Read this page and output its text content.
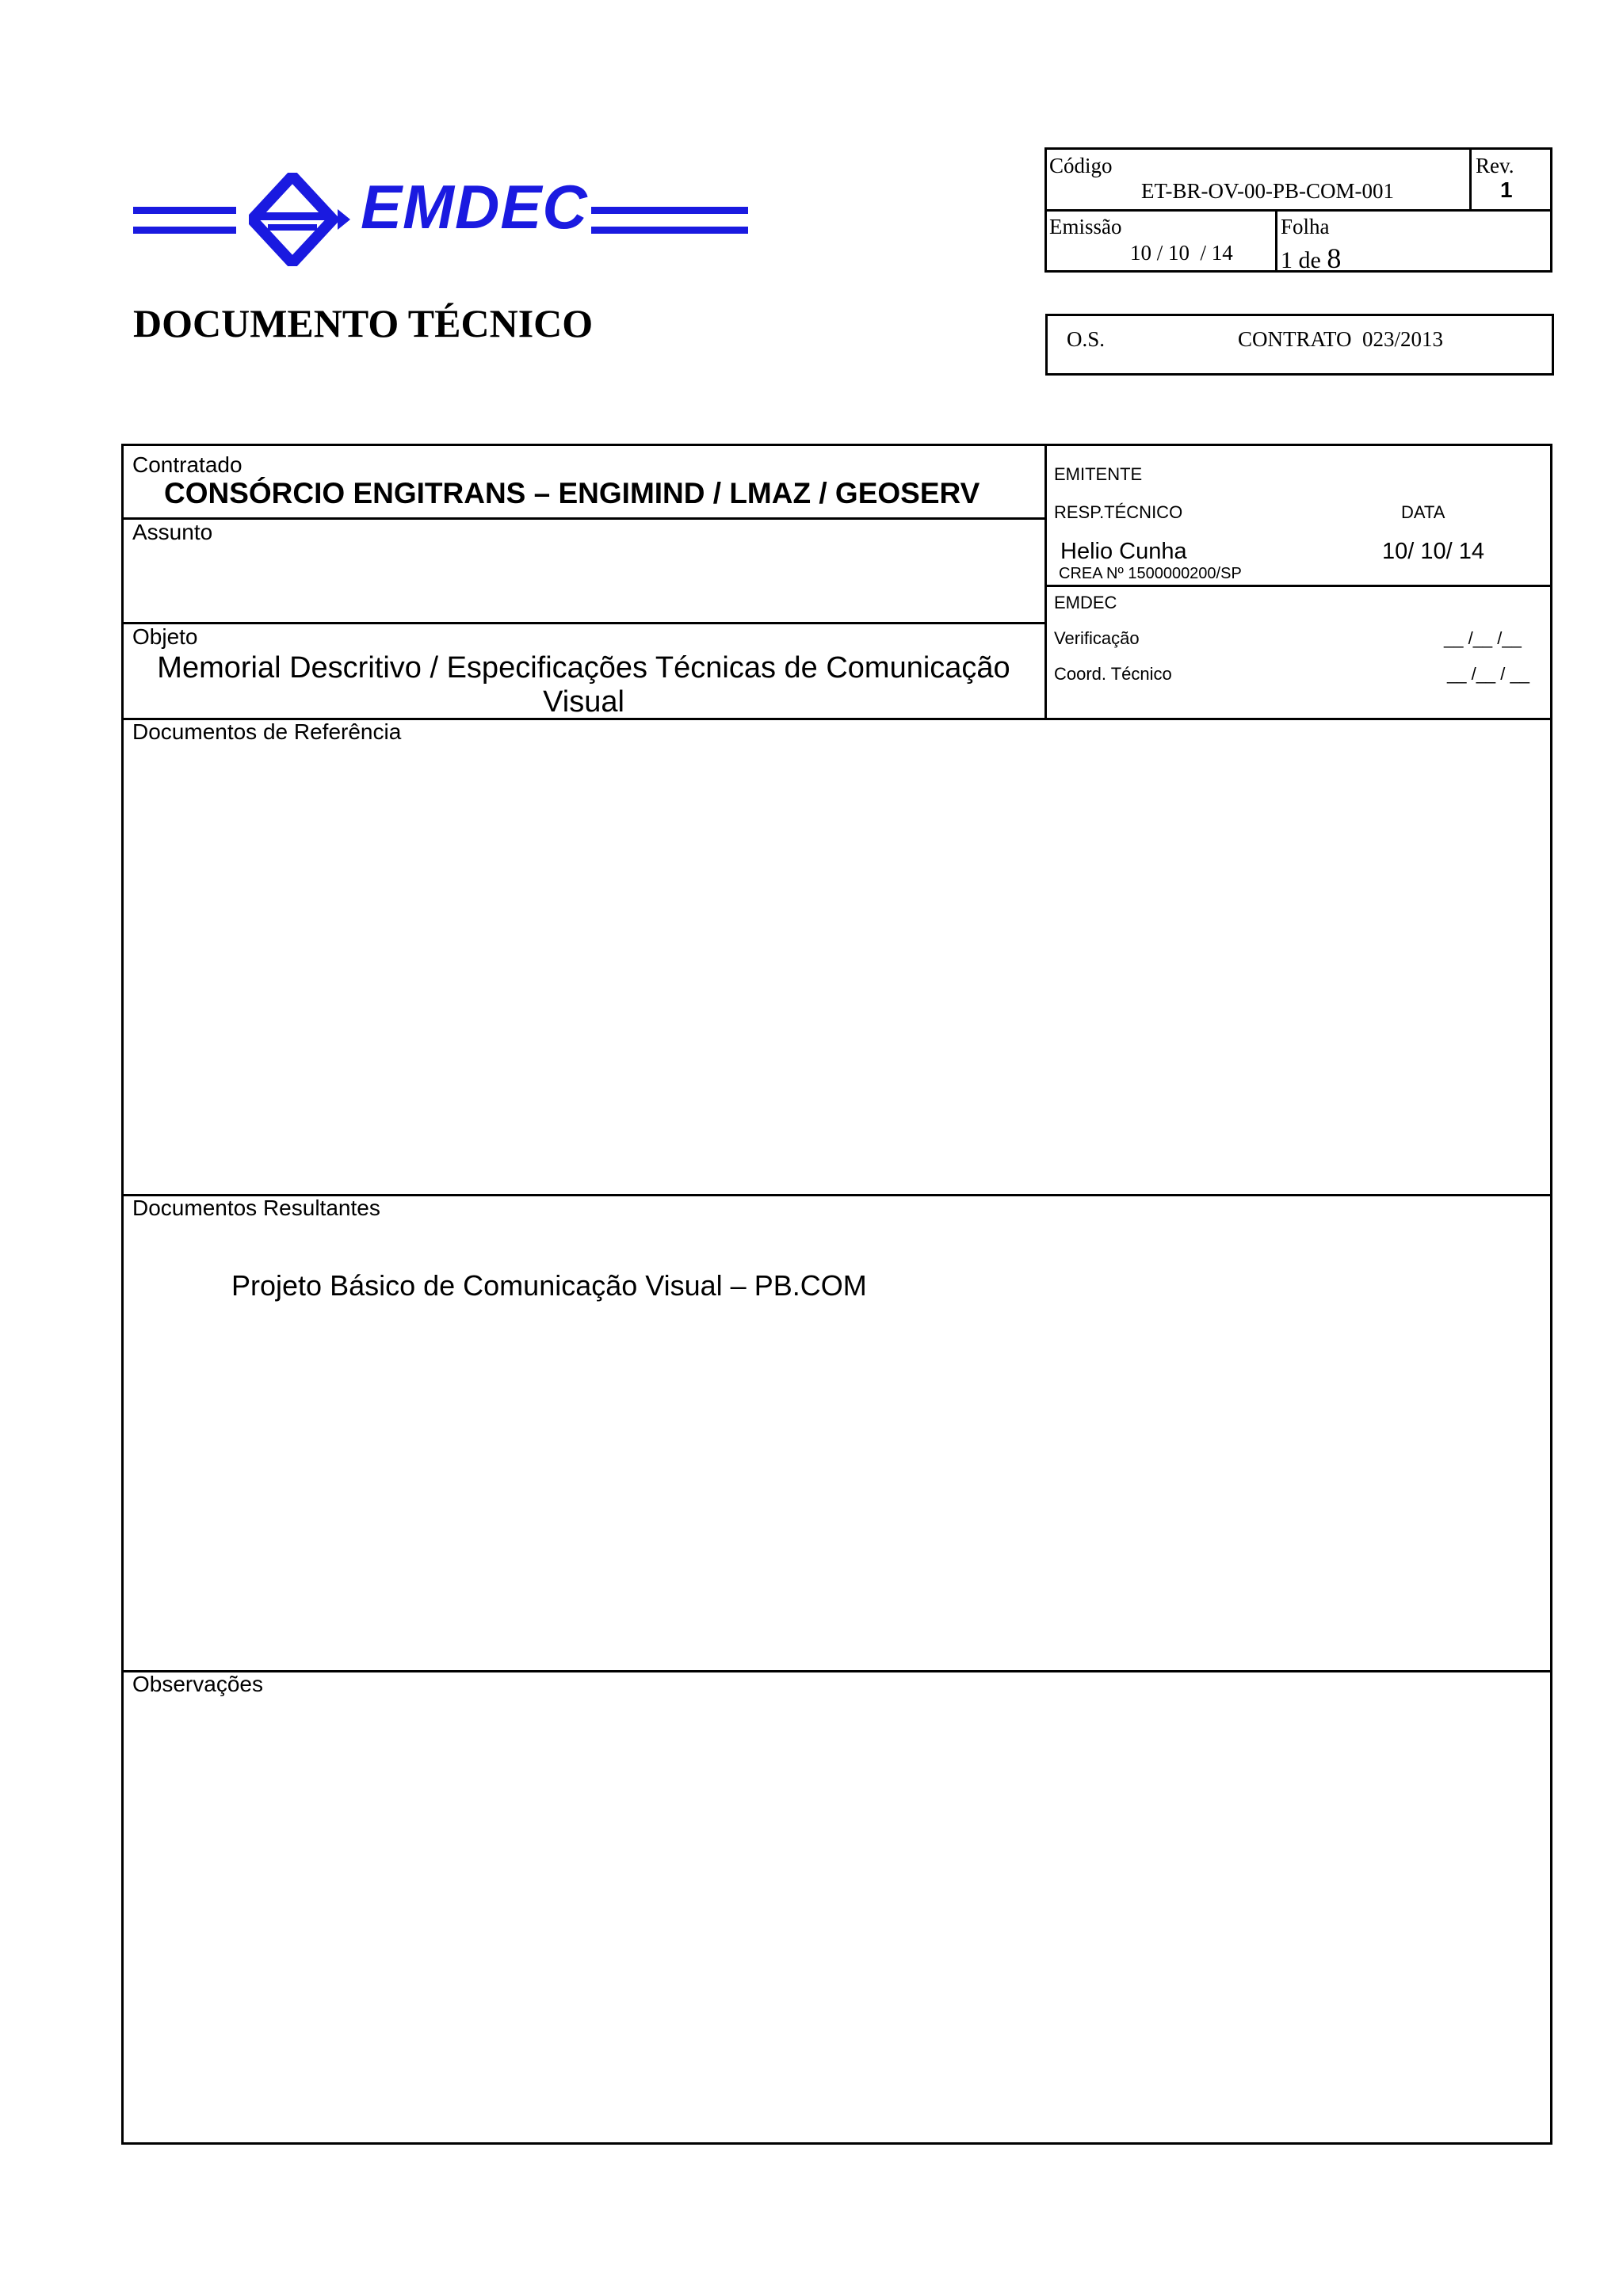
EMDEC
DOCUMENTO TÉCNICO
Código
ET-BR-OV-00-PB-COM-001
Rev.
1
Emissão
10 / 10  / 14
Folha
1 de 8
O.S.	CONTRATO  023/2013
Contratado
CONSÓRCIO ENGITRANS – ENGIMIND / LMAZ / GEOSERV
Assunto
Objeto
Memorial Descritivo / Especificações Técnicas de Comunicação
Visual
EMITENTE
RESP.TÉCNICO	DATA
Helio Cunha	10/ 10/ 14
CREA Nº 1500000200/SP
EMDEC
Verificação	__ /__ /__
Coord. Técnico	__ /__ / __
Documentos de Referência
Documentos Resultantes
Projeto Básico de Comunicação Visual – PB.COM
Observações
